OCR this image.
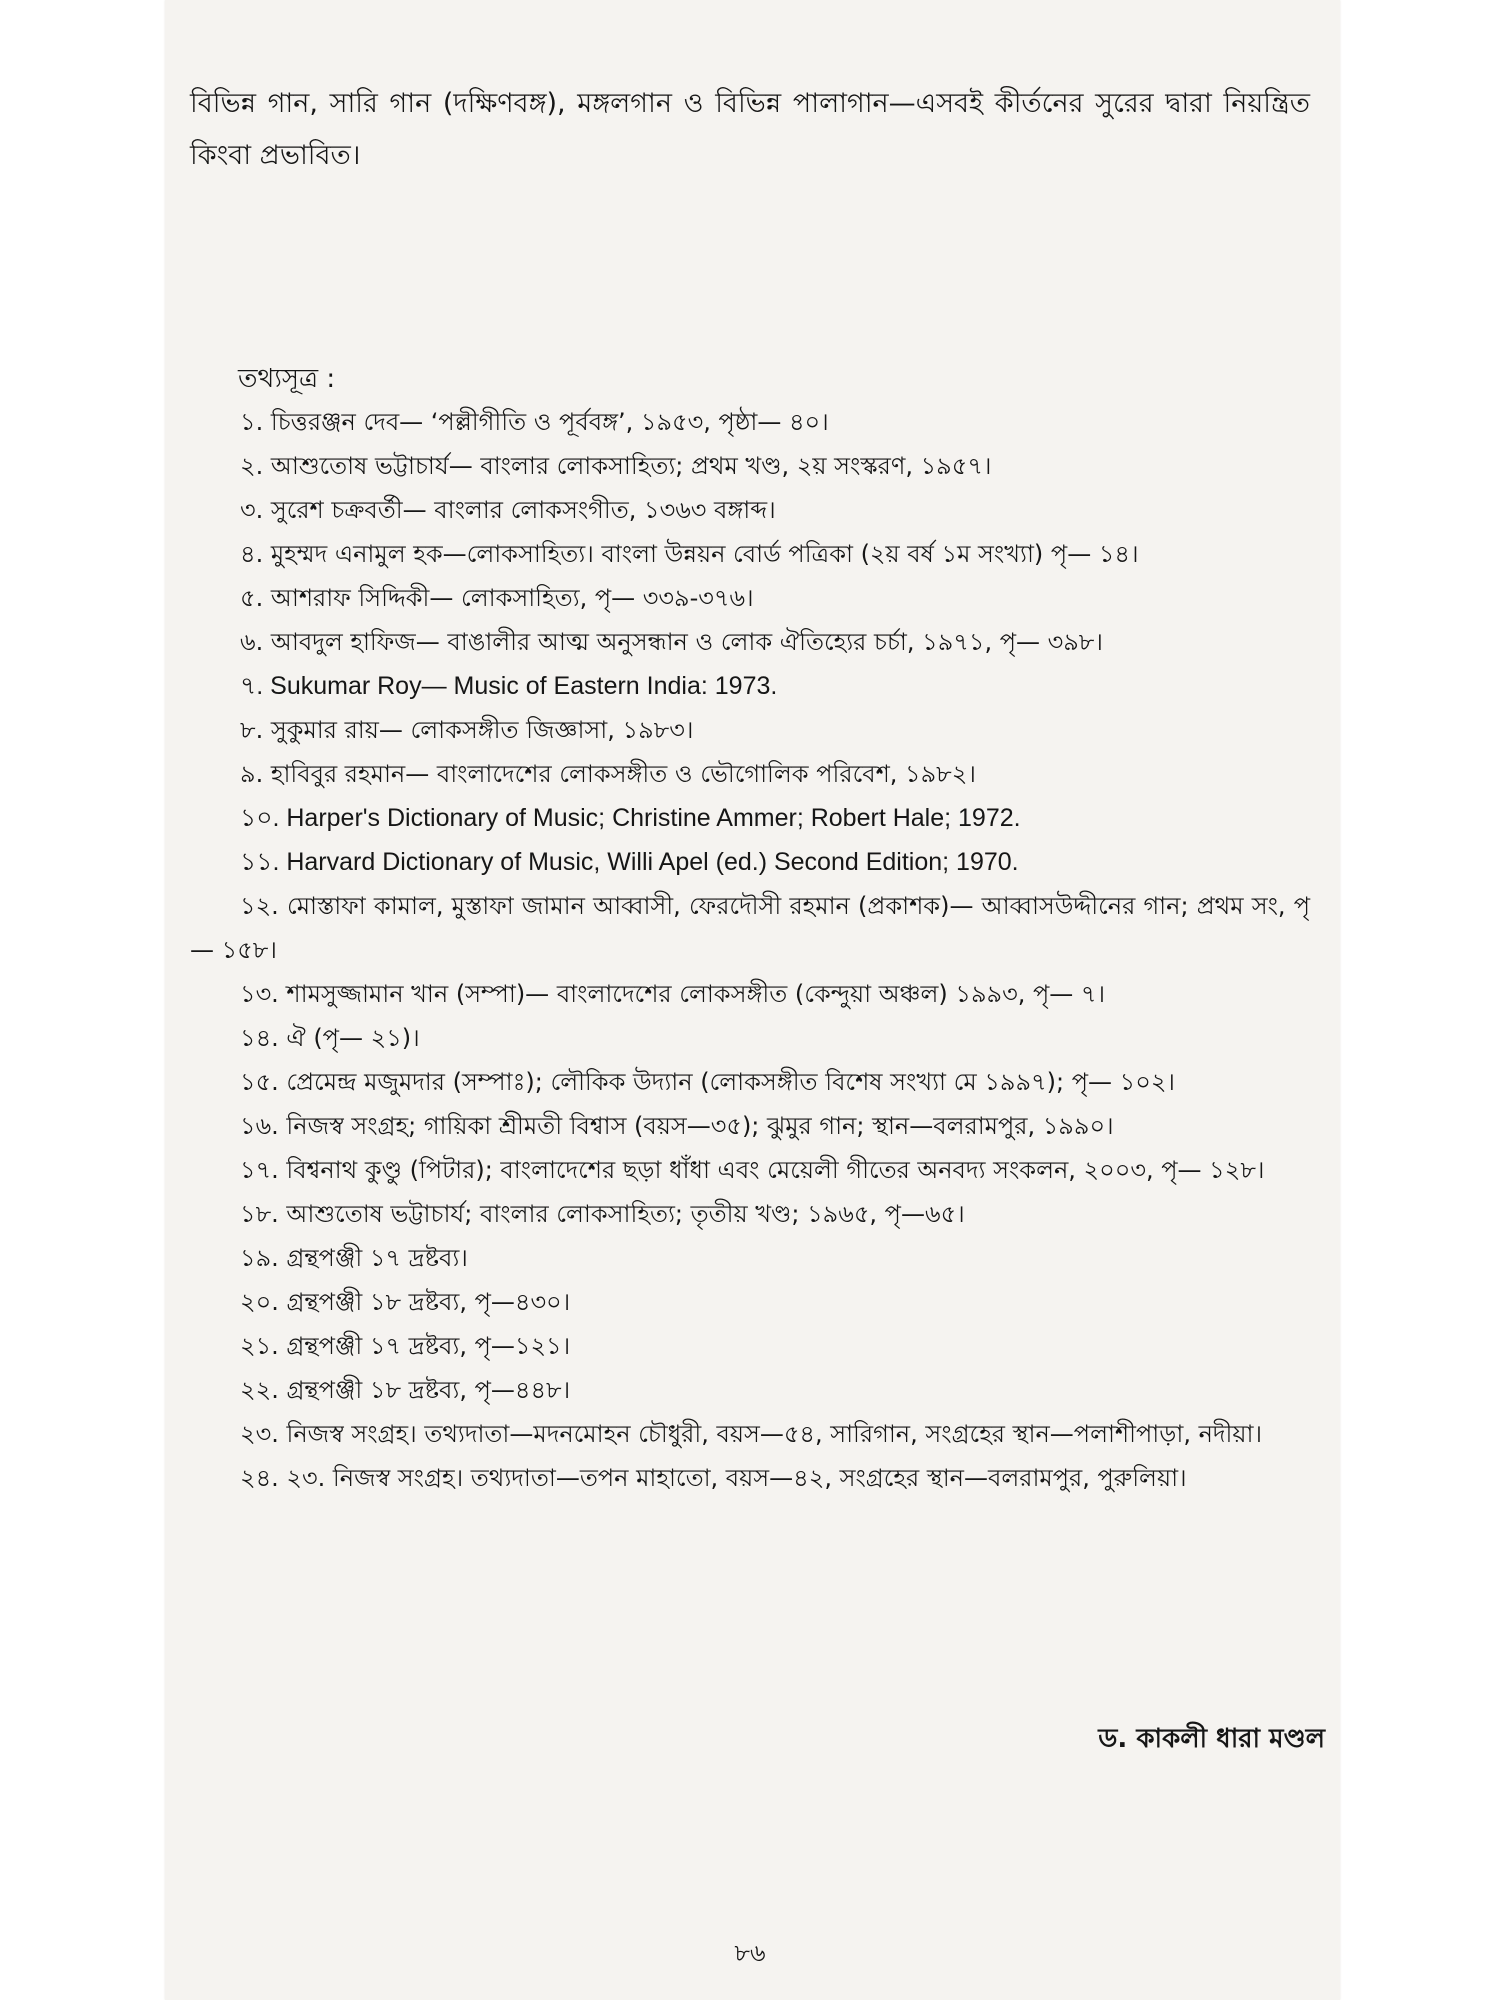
বিভিন্ন গান, সারি গান (দক্ষিণবঙ্গ), মঙ্গলগান ও বিভিন্ন পালাগান—এসবই কীর্তনের সুরের দ্বারা নিয়ন্ত্রিত কিংবা প্রভাবিত।

তথ্যসূত্র :
১. চিত্তরঞ্জন দেব— ‘পল্লীগীতি ও পূর্ববঙ্গ’, ১৯৫৩, পৃষ্ঠা— ৪০।
২. আশুতোষ ভট্টাচার্য— বাংলার লোকসাহিত্য; প্রথম খণ্ড, ২য় সংস্করণ, ১৯৫৭।
৩. সুরেশ চক্রবর্তী— বাংলার লোকসংগীত, ১৩৬৩ বঙ্গাব্দ।
৪. মুহম্মদ এনামুল হক—লোকসাহিত্য। বাংলা উন্নয়ন বোর্ড পত্রিকা (২য় বর্ষ ১ম সংখ্যা) পৃ— ১৪।
৫. আশরাফ সিদ্দিকী— লোকসাহিত্য, পৃ— ৩৩৯-৩৭৬।
৬. আবদুল হাফিজ— বাঙালীর আত্ম অনুসন্ধান ও লোক ঐতিহ্যের চর্চা, ১৯৭১, পৃ— ৩৯৮।
৭. Sukumar Roy— Music of Eastern India: 1973.
৮. সুকুমার রায়— লোকসঙ্গীত জিজ্ঞাসা, ১৯৮৩।
৯. হাবিবুর রহমান— বাংলাদেশের লোকসঙ্গীত ও ভৌগোলিক পরিবেশ, ১৯৮২।
১০. Harper's Dictionary of Music; Christine Ammer; Robert Hale; 1972.
১১. Harvard Dictionary of Music, Willi Apel (ed.) Second Edition; 1970.
১২. মোস্তাফা কামাল, মুস্তাফা জামান আব্বাসী, ফেরদৌসী রহমান (প্রকাশক)— আব্বাসউদ্দীনের গান; প্রথম সং, পৃ— ১৫৮।
১৩. শামসুজ্জামান খান (সম্পা)— বাংলাদেশের লোকসঙ্গীত (কেন্দুয়া অঞ্চল) ১৯৯৩, পৃ— ৭।
১৪. ঐ (পৃ— ২১)।
১৫. প্রেমেন্দ্র মজুমদার (সম্পাঃ); লৌকিক উদ্যান (লোকসঙ্গীত বিশেষ সংখ্যা মে ১৯৯৭); পৃ— ১০২।
১৬. নিজস্ব সংগ্রহ; গায়িকা শ্রীমতী বিশ্বাস (বয়স—৩৫); ঝুমুর গান; স্থান—বলরামপুর, ১৯৯০।
১৭. বিশ্বনাথ কুণ্ডু (পিটার); বাংলাদেশের ছড়া ধাঁধা এবং মেয়েলী গীতের অনবদ্য সংকলন, ২০০৩, পৃ— ১২৮।
১৮. আশুতোষ ভট্টাচার্য; বাংলার লোকসাহিত্য; তৃতীয় খণ্ড; ১৯৬৫, পৃ—৬৫।
১৯. গ্রন্থপঞ্জী ১৭ দ্রষ্টব্য।
২০. গ্রন্থপঞ্জী ১৮ দ্রষ্টব্য, পৃ—৪৩০।
২১. গ্রন্থপঞ্জী ১৭ দ্রষ্টব্য, পৃ—১২১।
২২. গ্রন্থপঞ্জী ১৮ দ্রষ্টব্য, পৃ—৪৪৮।
২৩. নিজস্ব সংগ্রহ। তথ্যদাতা—মদনমোহন চৌধুরী, বয়স—৫৪, সারিগান, সংগ্রহের স্থান—পলাশীপাড়া, নদীয়া।
২৪. ২৩. নিজস্ব সংগ্রহ। তথ্যদাতা—তপন মাহাতো, বয়স—৪২, সংগ্রহের স্থান—বলরামপুর, পুরুলিয়া।
ড. কাকলী ধারা মণ্ডল
৮৬
